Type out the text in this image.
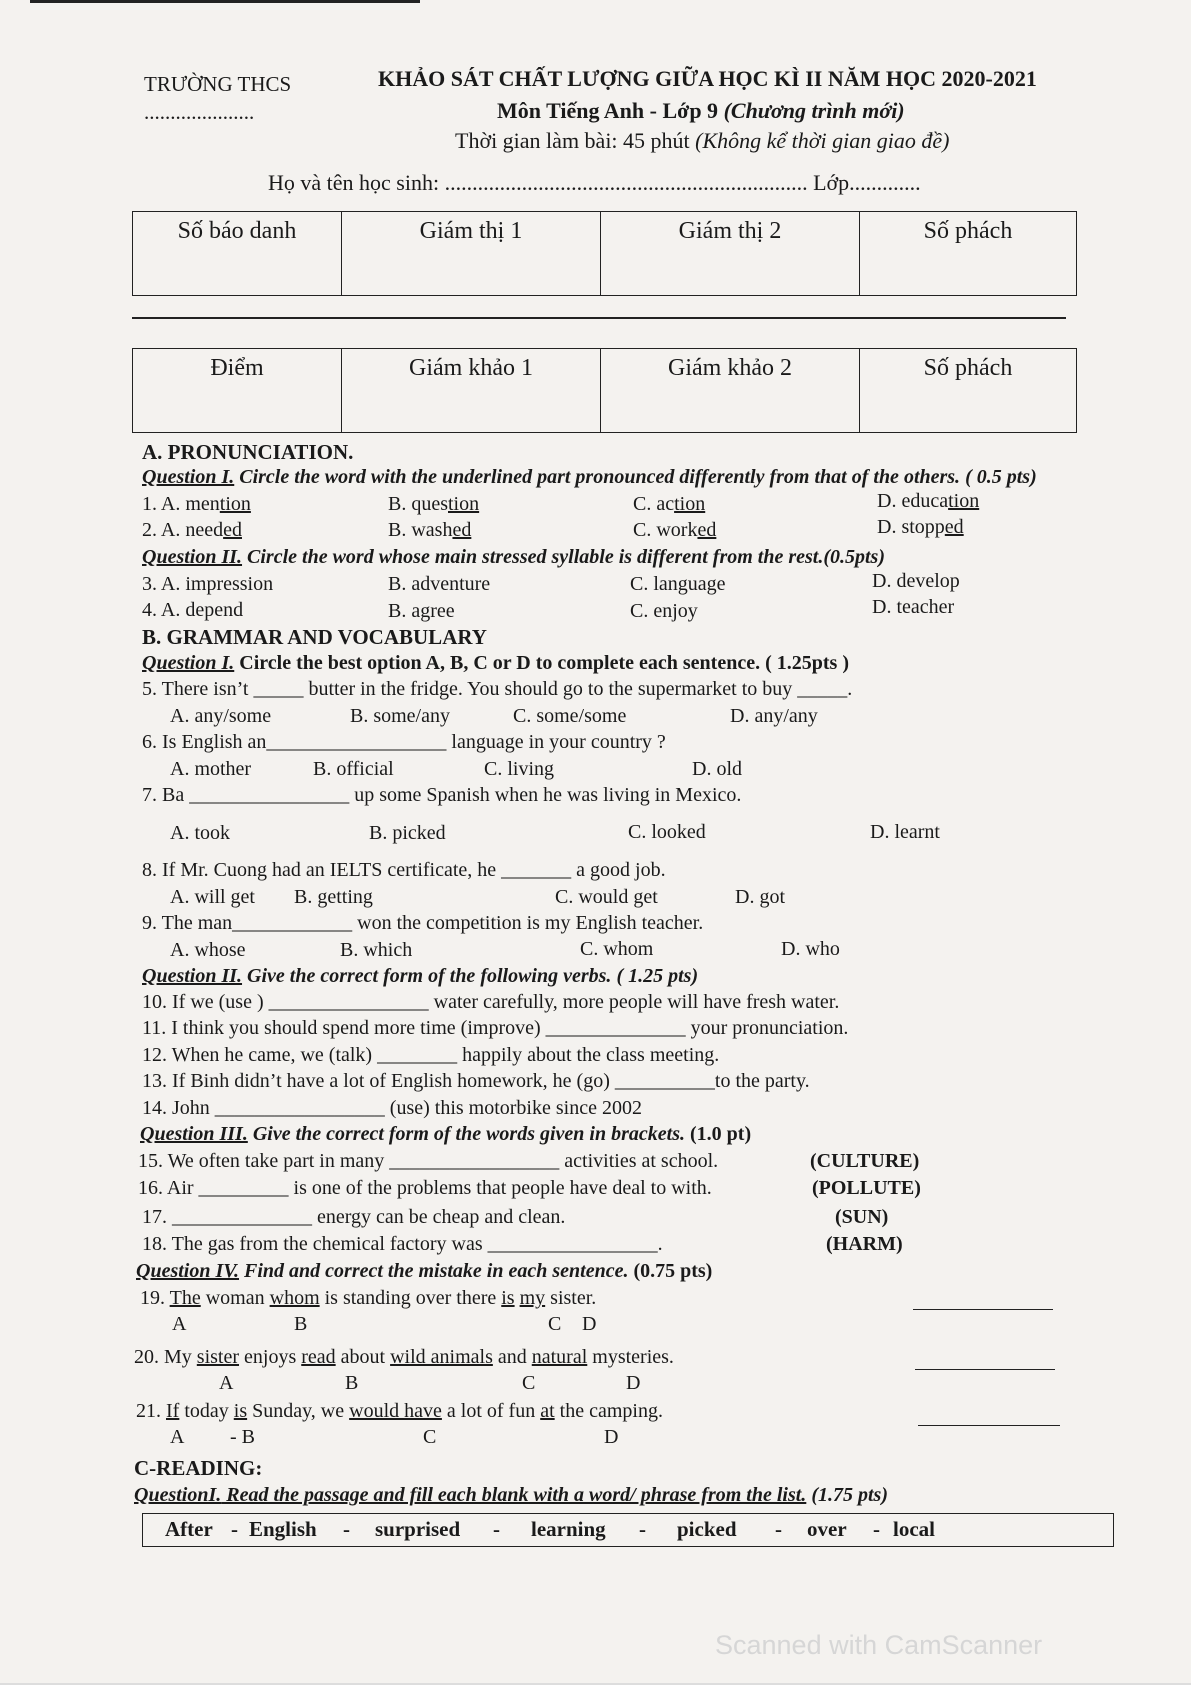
TRƯỜNG THCS
.....................
KHẢO SÁT CHẤT LƯỢNG GIỮA HỌC KÌ II NĂM HỌC 2020-2021
Môn Tiếng Anh - Lớp 9 (Chương trình mới)
Thời gian làm bài: 45 phút (Không kể thời gian giao đề)
Họ và tên học sinh: .................................................................. Lớp.............
Số báo danh	Giám thị 1	Giám thị 2	Số phách
Điểm	Giám khảo 1	Giám khảo 2	Số phách
A. PRONUNCIATION.
Question I. Circle the word with the underlined part pronounced differently from that of the others. ( 0.5 pts)
1. A. mention	B. question	C. action	D. education
2. A. needed	B. washed	C. worked	D. stopped
Question II. Circle the word whose main stressed syllable is different from the rest.(0.5pts)
3. A. impression	B. adventure	C. language	D. develop
4. A. depend	B. agree	C. enjoy	D. teacher
B. GRAMMAR AND VOCABULARY
Question I. Circle the best option A, B, C or D to complete each sentence. ( 1.25pts )
5. There isn’t _____ butter in the fridge. You should go to the supermarket to buy _____.
A. any/some	B. some/any	C. some/some	D. any/any
6. Is English an__________________ language in your country ?
A. mother	B. official	C. living	D. old
7. Ba ________________ up some Spanish when he was living in Mexico.
A. took	B. picked	C. looked	D. learnt
8. If Mr. Cuong had an IELTS certificate, he _______ a good job.
A. will get B. getting	C. would get	D. got
9. The man____________ won the competition is my English teacher.
A. whose	B. which	C. whom	D. who
Question II. Give the correct form of the following verbs. ( 1.25 pts)
10. If we (use ) ________________ water carefully, more people will have fresh water.
11. I think you should spend more time (improve) ______________ your pronunciation.
12. When he came, we (talk) ________ happily about the class meeting.
13. If Binh didn’t have a lot of English homework, he (go) __________to the party.
14. John _________________ (use) this motorbike since 2002
Question III. Give the correct form of the words given in brackets. (1.0 pt)
15. We often take part in many _________________ activities at school.	(CULTURE)
16. Air _________ is one of the problems that people have deal to with.	(POLLUTE)
17. ______________ energy can be cheap and clean.	(SUN)
18. The gas from the chemical factory was _________________.	(HARM)
Question IV. Find and correct the mistake in each sentence. (0.75 pts)
19. The woman whom is standing over there is my sister.
A	B	C D
20. My sister enjoys read about wild animals and natural mysteries.
A	B	C	D
21. If today is Sunday, we would have a lot of fun at the camping.
A - B	C	D
C-READING:
QuestionI. Read the passage and fill each blank with a word/ phrase from the list. (1.75 pts)
After - English - surprised - learning - picked - over - local
Scanned with CamScanner
